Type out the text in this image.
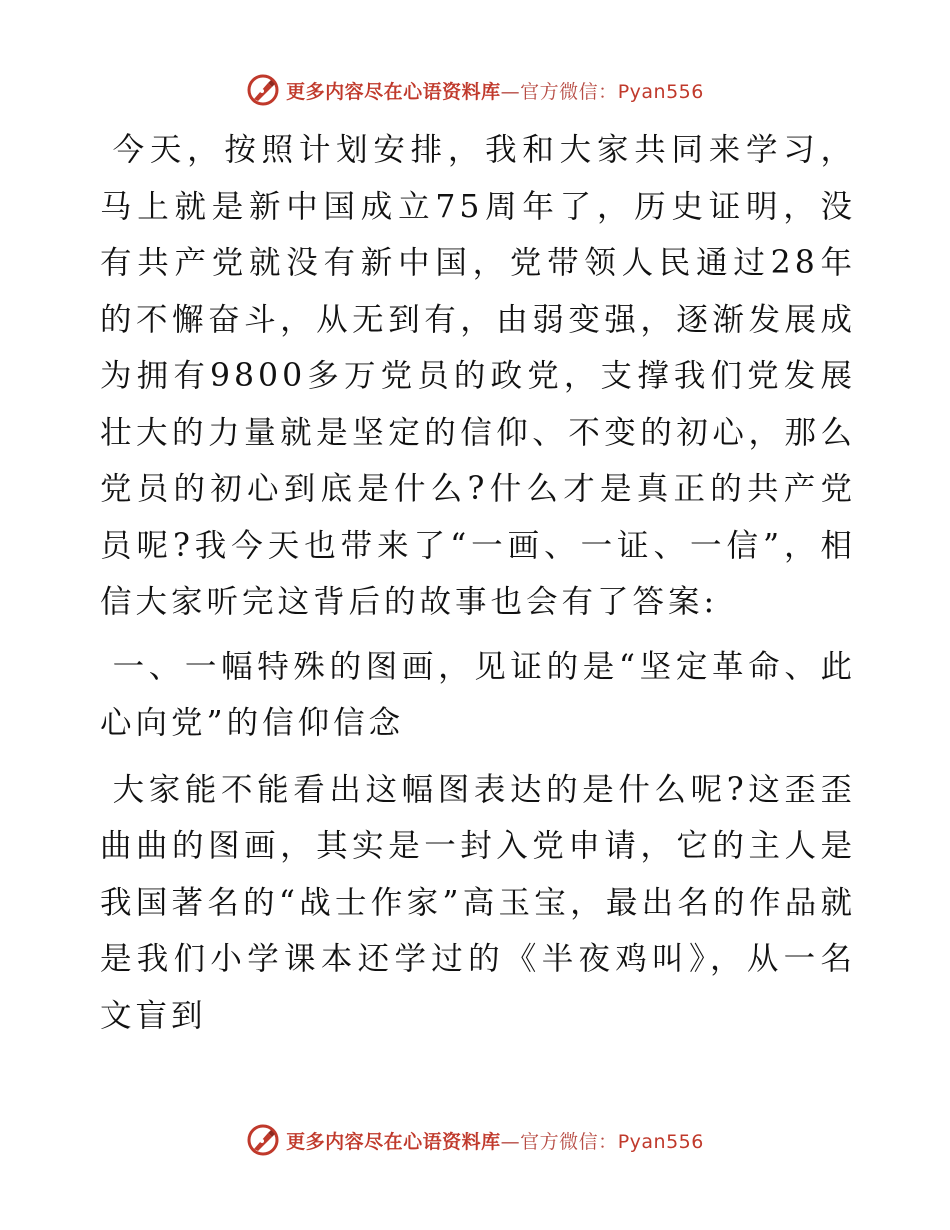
更多内容尽在心语资料库—官方微信：Pyan556

今天，按照计划安排，我和大家共同来学习，马上就是新中国成立75周年了，历史证明，没有共产党就没有新中国，党带领人民通过28年的不懈奋斗，从无到有，由弱变强，逐渐发展成为拥有9800多万党员的政党，支撑我们党发展壮大的力量就是坚定的信仰、不变的初心，那么党员的初心到底是什么?什么才是真正的共产党员呢?我今天也带来了“一画、一证、一信”，相信大家听完这背后的故事也会有了答案:

一、一幅特殊的图画，见证的是“坚定革命、此心向党”的信仰信念

大家能不能看出这幅图表达的是什么呢?这歪歪曲曲的图画，其实是一封入党申请，它的主人是我国著名的“战士作家”高玉宝，最出名的作品就是我们小学课本还学过的《半夜鸡叫》，从一名文盲到

更多内容尽在心语资料库—官方微信：Pyan556
